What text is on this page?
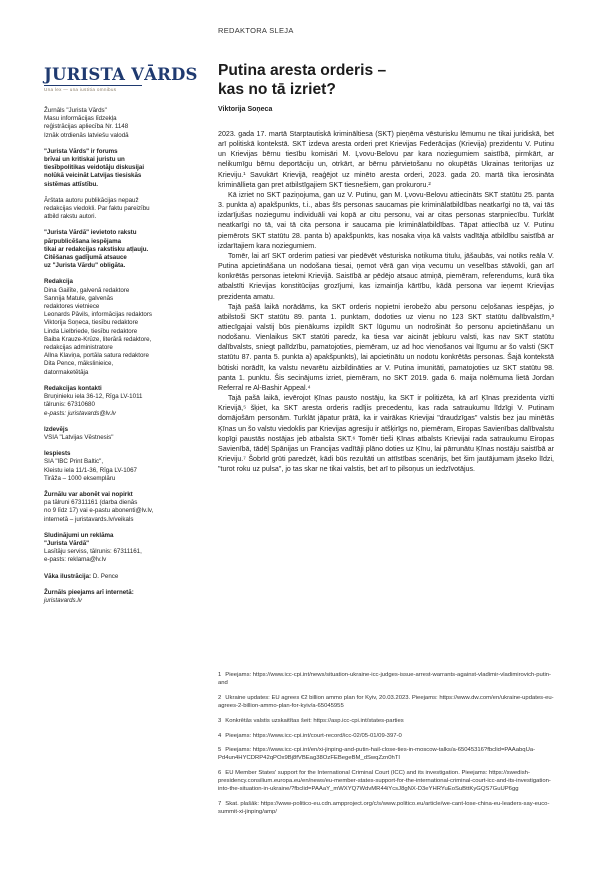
REDAKTORA SLEJA
JURISTA VĀRDS
Una lex — una iustitia omnibus
Žurnāls "Jurista Vārds"
Masu informācijas līdzekļa
reģistrācijas apliecība Nr. 1148
Iznāk otrdienās latviešu valodā
"Jurista Vārds" ir forums
brīvai un kritiskai juristu un
tiesībpolitikas veidotāju diskusijai
nolūkā veicināt Latvijas tiesiskās
sistēmas attīstību.
Ārštata autoru publikācijas nepauž
redakcijas viedokli. Par faktu pareizību
atbild rakstu autori.
"Jurista Vārdā" ievietoto rakstu
pārpublicēšana iespējama
tikai ar redakcijas rakstisku atļauju.
Citēšanas gadījumā atsauce
uz "Jurista Vārdu" obligāta.
Redakcija
Dina Gailīte, galvenā redaktore
Sannija Matule, galvenās
redaktores vietniece
Leonards Pāvils, informācijas redaktors
Viktorija Soņeca, tiesību redaktore
Linda Lielbriede, tiesību redaktore
Baiba Krauze-Krūze, literārā redaktore,
redakcijas administratore
Allna Klaviņa, portāla satura redaktore
Dita Pence, mākslinieice,
datormaketētāja
Redakcijas kontakti
Bruņinieku iela 36-12, Rīga LV-1011
tālrunis: 67310680
e-pasts: juristavards@lv.lv
Izdevējs
VSIA "Latvijas Vēstnesis"
Iespiests
SIA "IBC Print Baltic",
Kleistu iela 11/1-36, Rīga LV-1067
Tirāža – 1000 eksemplāru
Žurnālu var abonēt vai nopirkt
pa tālruni 67311161 (darba dienās
no 9 līdz 17) vai e-pastu abonenti@lv.lv,
internetā – juristavards.lv/veikals
Sludinājumi un reklāma
"Jurista Vārdā"
Lasītāju serviss, tālrunis: 67311161,
e-pasts: reklama@lv.lv
Vāka ilustrācija: D. Pence
Žurnāls pieejams arī internetā:
juristavards.lv
Putina aresta orderis –
kas no tā izriet?
Viktorija Soņeca

2023. gada 17. martā Starptautiskā krimināltiesa (SKT) pieņēma vēsturisku lēmumu ne tikai juridiskā, bet arī politiskā kontekstā. SKT izdeva aresta orderi pret Krievijas Federācijas (Krievija) prezidentu V. Putinu un Krievijas bērnu tiesību komisāri M. Ļvovu-Belovu par kara noziegumiem saistībā, pirmkārt, ar nelikumīgu bērnu deportāciju un, otrkārt, ar bērnu pārvietošanu no okupētās Ukrainas teritorijas uz Krieviju.¹ Savukārt Krievijā, reaģējot uz minēto aresta orderi, 2023. gada 20. martā tika ierosināta krimināllieta gan pret atbilstīgajiem SKT tiesnešiem, gan prokuroru.²

Kā izriet no SKT paziņojuma, gan uz V. Putinu, gan M. Ļvovu-Belovu attiecināts SKT statūtu 25. panta 3. punkta a) apakšpunkts, t.i., abas šīs personas saucamas pie kriminālatbildības neatkarīgi no tā, vai tās izdarījušas noziegumu individuāli vai kopā ar citu personu, vai ar citas personas starpniecību. Turklāt neatkarīgi no tā, vai tā cita persona ir saucama pie kriminālatbildības. Tāpat attiecībā uz V. Putinu piemērots SKT statūtu 28. panta b) apakšpunkts, kas nosaka viņa kā valsts vadītāja atbildību saistībā ar izdarītajiem kara noziegumiem.

Tomēr, lai arī SKT orderim patiesi var piedēvēt vēsturiska notikuma titulu, jāšaubās, vai notiks reāla V. Putina apcietināšana un nodošana tiesai, ņemot vērā gan viņa vecumu un veselības stāvokli, gan arī konkrētās personas ietekmi Krievijā. Saistībā ar pēdējo atsauc atmiņā, piemēram, referendums, kurā tika atbalstīti Krievijas konstitūcijas grozījumi, kas izmainīja kārtību, kādā persona var ieņemt Krievijas prezidenta amatu.

Tajā pašā laikā norādāms, ka SKT orderis nopietni ierobežo abu personu ceļošanas iespējas, jo atbilstoši SKT statūtu 89. panta 1. punktam, dodoties uz vienu no 123 SKT statūtu dalībvalstīm,³ attiecīgajai valstij būs pienākums izpildīt SKT lūgumu un nodrošināt šo personu apcietināšanu un nodošanu. Vienlaikus SKT statūti paredz, ka tiesa var aicināt jebkuru valsti, kas nav SKT statūtu dalībvalsts, sniegt palīdzību, pamatojoties, piemēram, uz ad hoc vienošanos vai līgumu ar šo valsti (SKT statūtu 87. panta 5. punkta a) apakšpunkts), lai apcietinātu un nodotu konkrētās personas. Šajā kontekstā būtiski norādīt, ka valstu nevarētu aizbildināties ar V. Putina imunitāti, pamatojoties uz SKT statūtu 98. panta 1. punktu. Šis secinājums izriet, piemēram, no SKT 2019. gada 6. maija nolēmuma lietā Jordan Referral re Al-Bashir Appeal.⁴

Tajā pašā laikā, ievērojot Ķīnas pausto nostāju, ka SKT ir politizēta, kā arī Ķīnas prezidenta vizīti Krievijā,⁵ šķiet, ka SKT aresta orderis radījis precedentu, kas rada satraukumu līdzīgi V. Putinam domājošām personām. Turklāt jāpatur prātā, ka ir vairākas Krievijai "draudzīgas" valstis bez jau minētās Ķīnas un šo valstu viedoklis par Krievijas agresiju ir atšķirīgs no, piemēram, Eiropas Savienības dalībvalstu kopīgi paustās nostājas jeb atbalsta SKT.⁶ Tomēr tieši Ķīnas atbalsts Krievijai rada satraukumu Eiropas Savienībā, tādēļ Spānijas un Francijas vadītāji plāno doties uz Ķīnu, lai pārrunātu Ķīnas nostāju saistībā ar Krieviju.⁷ Šobrīd grūti paredzēt, kādi būs rezultāti un attīstības scenārijs, bet šim jautājumam jāseko līdzi, "turot roku uz pulsa", jo tas skar ne tikai valstis, bet arī to pilsoņus un iedzīvotājus.

1 Pieejams: https://www.icc-cpi.int/news/situation-ukraine-icc-judges-issue-arrest-warrants-against-vladimir-vladimirovich-putin-and
2 Ukraine updates: EU agrees €2 billion ammo plan for Kyiv, 20.03.2023. Pieejams: https://www.dw.com/en/ukraine-updates-eu-agrees-2-billion-ammo-plan-for-kyiv/a-65045955
3 Konkrētās valstis uzskaitītas šeit: https://asp.icc-cpi.int/states-parties
4 Pieejams: https://www.icc-cpi.int/court-record/icc-02/05-01/09-397-0
5 Pieejams: https://www.icc-cpi.int/en/xi-jinping-and-putin-hail-close-ties-in-moscow-talks/a-65045316?fbclid=PAAabqUa-Pd4un4HYCDRP42qPOx9Bj8fVBEag38OzFEBegeBM_dSwqZzn0hTI
6 EU Member States' support for the International Criminal Court (ICC) and its investigation. Pieejams: https://swedish-presidency.consilium.europa.eu/en/news/eu-member-states-support-for-the-international-criminal-court-icc-and-its-investigation-into-the-situation-in-ukraine/?fbclid=PAAaY_mWXYQ7WdvMR44iYcsJ8gNX-D3eYHRYuEoSuBttKyGQS7GuUP6gg
7 Skat. plašāk: https://www-politico-eu.cdn.ampproject.org/c/s/www.politico.eu/article/we-cant-lose-china-eu-leaders-say-euco-summit-xi-jinping/amp/
